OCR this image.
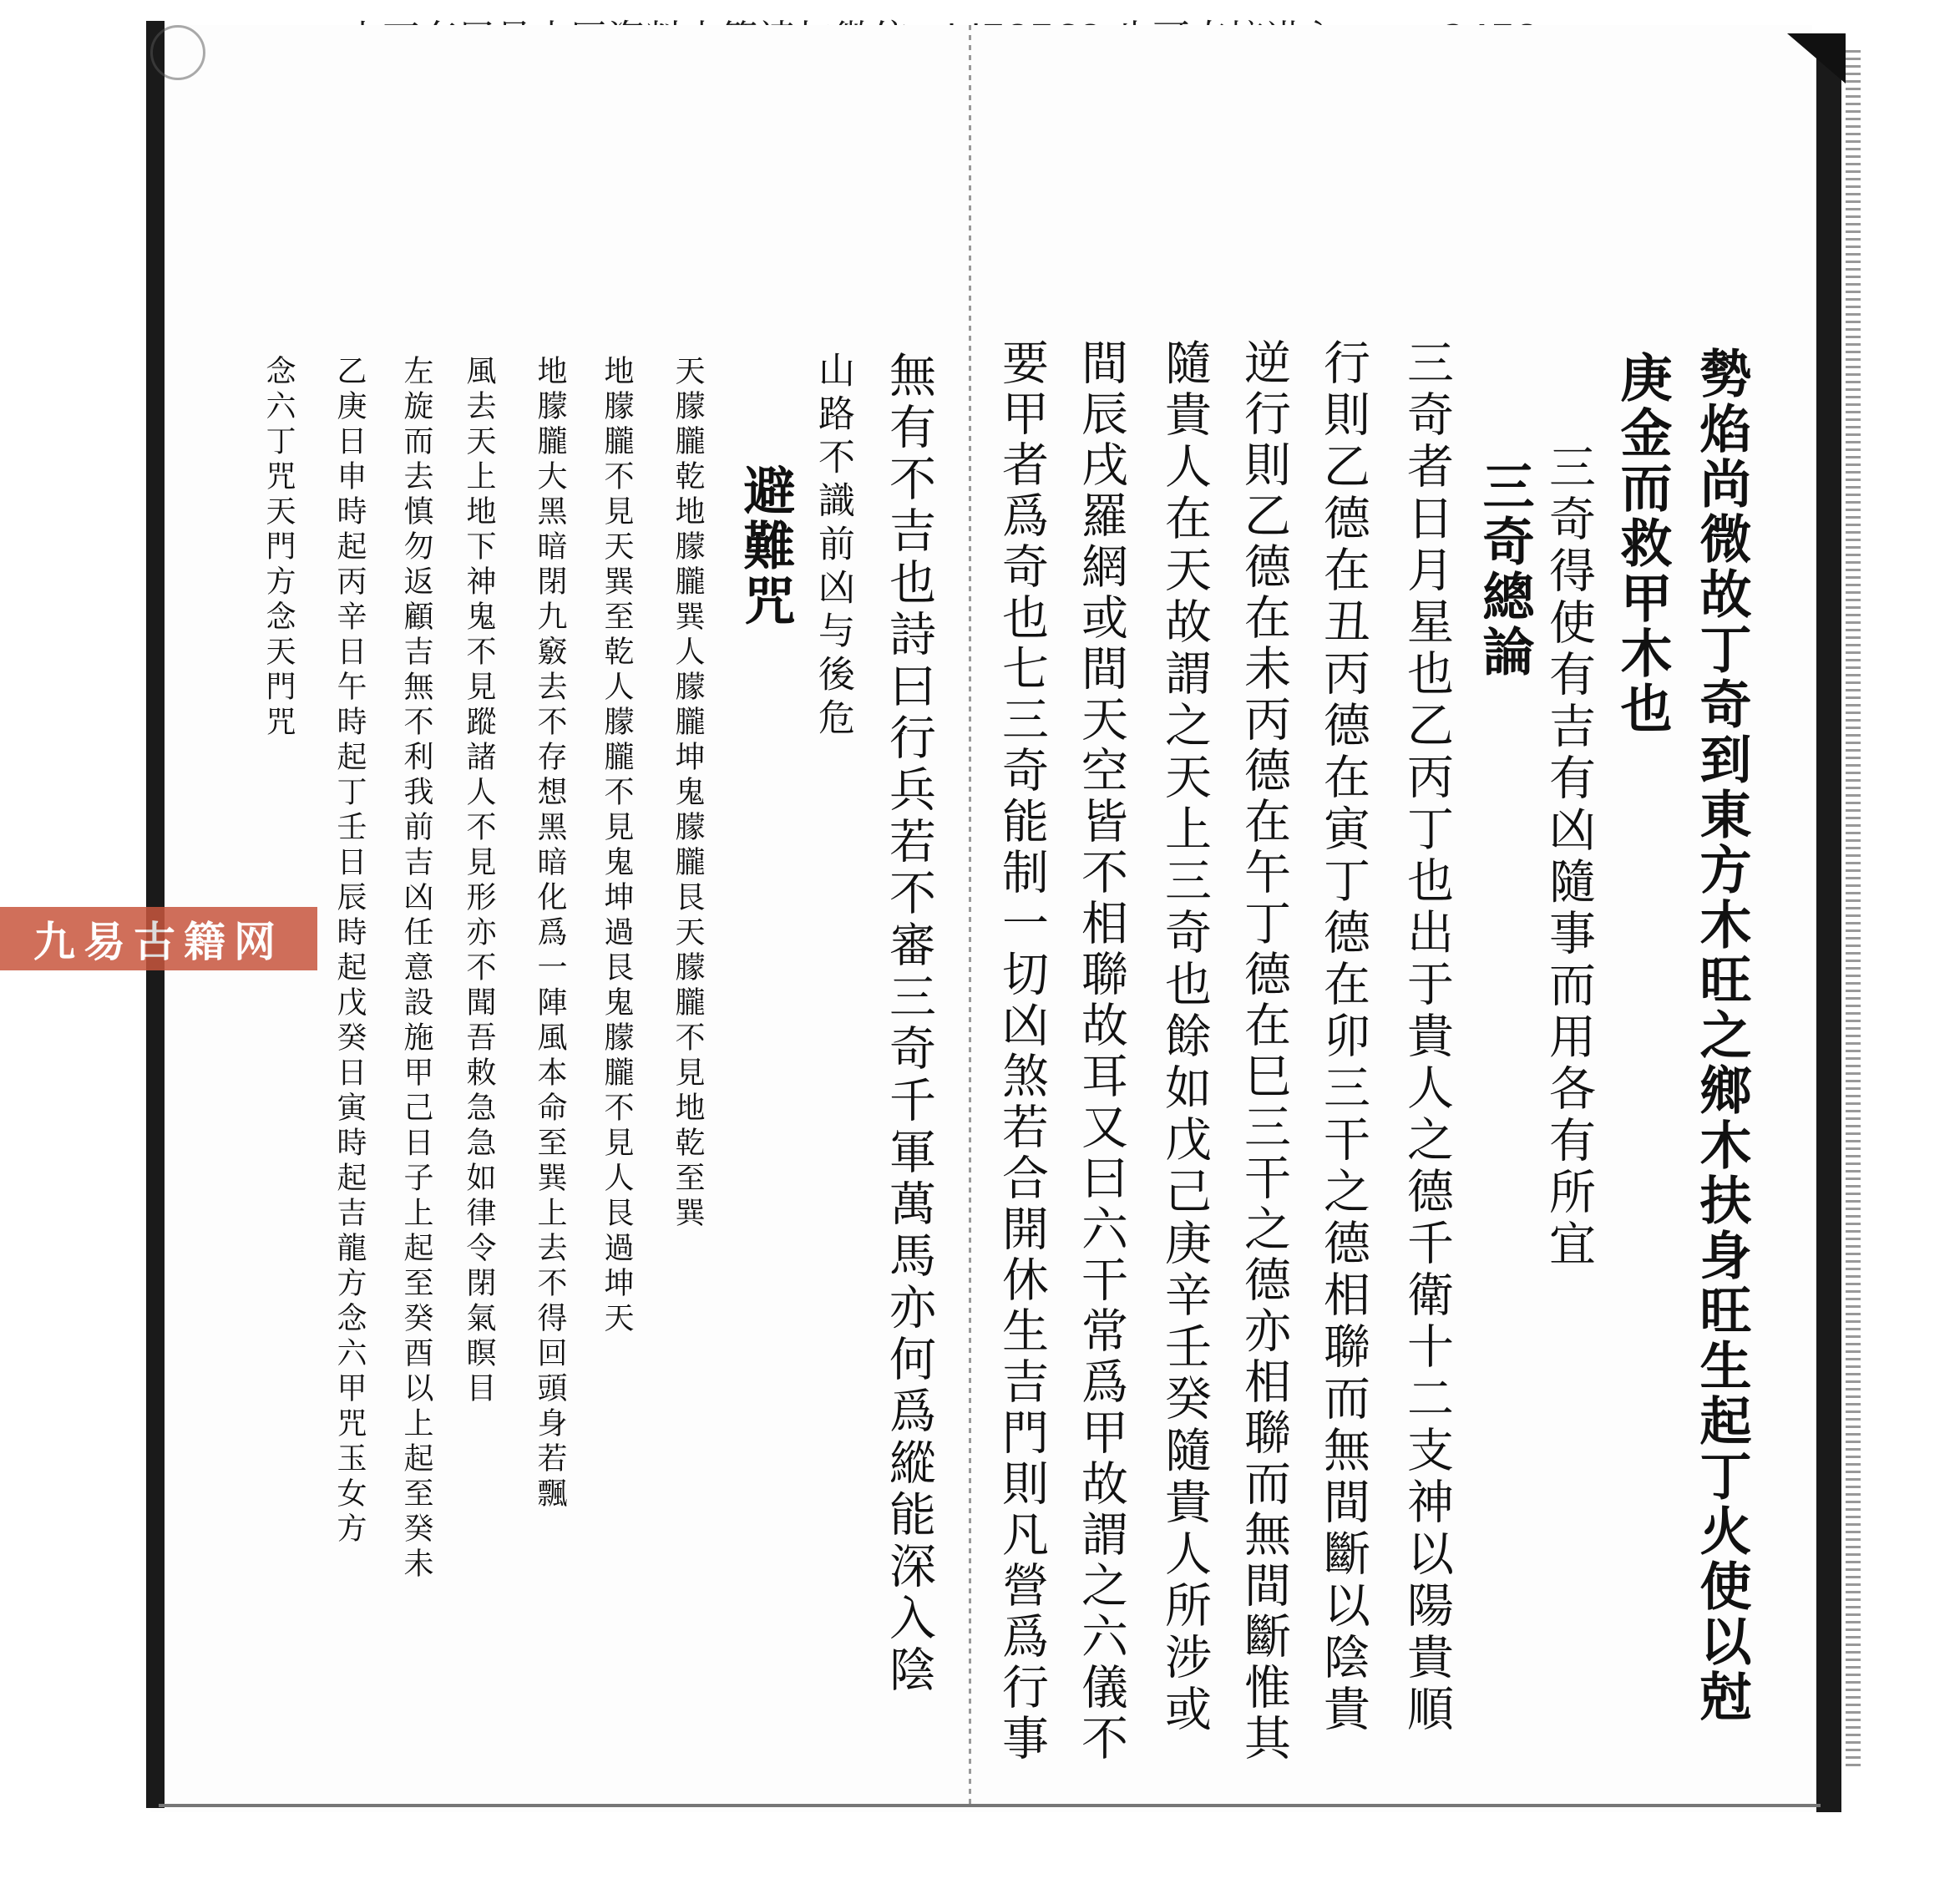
勢焰尚微故丁奇到東方木旺之鄉木扶身旺生起丁火使以尅
庚金而救甲木也
三奇得使有吉有凶隨事而用各有所宜
三奇總論
三奇者日月星也乙丙丁也出于貴人之德千衛十二支神以陽貴順
行則乙德在丑丙德在寅丁德在卯三干之德相聯而無間斷以陰貴
逆行則乙德在未丙德在午丁德在巳三干之德亦相聯而無間斷惟其
隨貴人在天故謂之天上三奇也餘如戊己庚辛壬癸隨貴人所涉或
間辰戌羅網或間天空皆不相聯故耳又曰六干常爲甲故謂之六儀不
要甲者爲奇也七三奇能制一切凶煞若合開休生吉門則凡營爲行事
無有不吉也詩曰行兵若不審三奇千軍萬馬亦何爲縱能深入陰
山路不識前凶与後危
避難咒
天朦朧乾地朦朧巽人朦朧坤鬼朦朧艮天朦朧不見地乾至巽
地朦朧不見天巽至乾人朦朧不見鬼坤過艮鬼朦朧不見人艮過坤天
地朦朧大黑暗閉九竅去不存想黑暗化爲一陣風本命至巽上去不得回頭身若飄
風去天上地下神鬼不見蹤諸人不見形亦不聞吾敕急急如律令閉氣瞑目
左旋而去慎勿返顧吉無不利我前吉凶任意設施甲己日子上起至癸酉以上起至癸未
乙庚日申時起丙辛日午時起丁壬日辰時起戊癸日寅時起吉龍方念六甲咒玉女方
念六丁咒天門方念天門咒
九易古籍网
